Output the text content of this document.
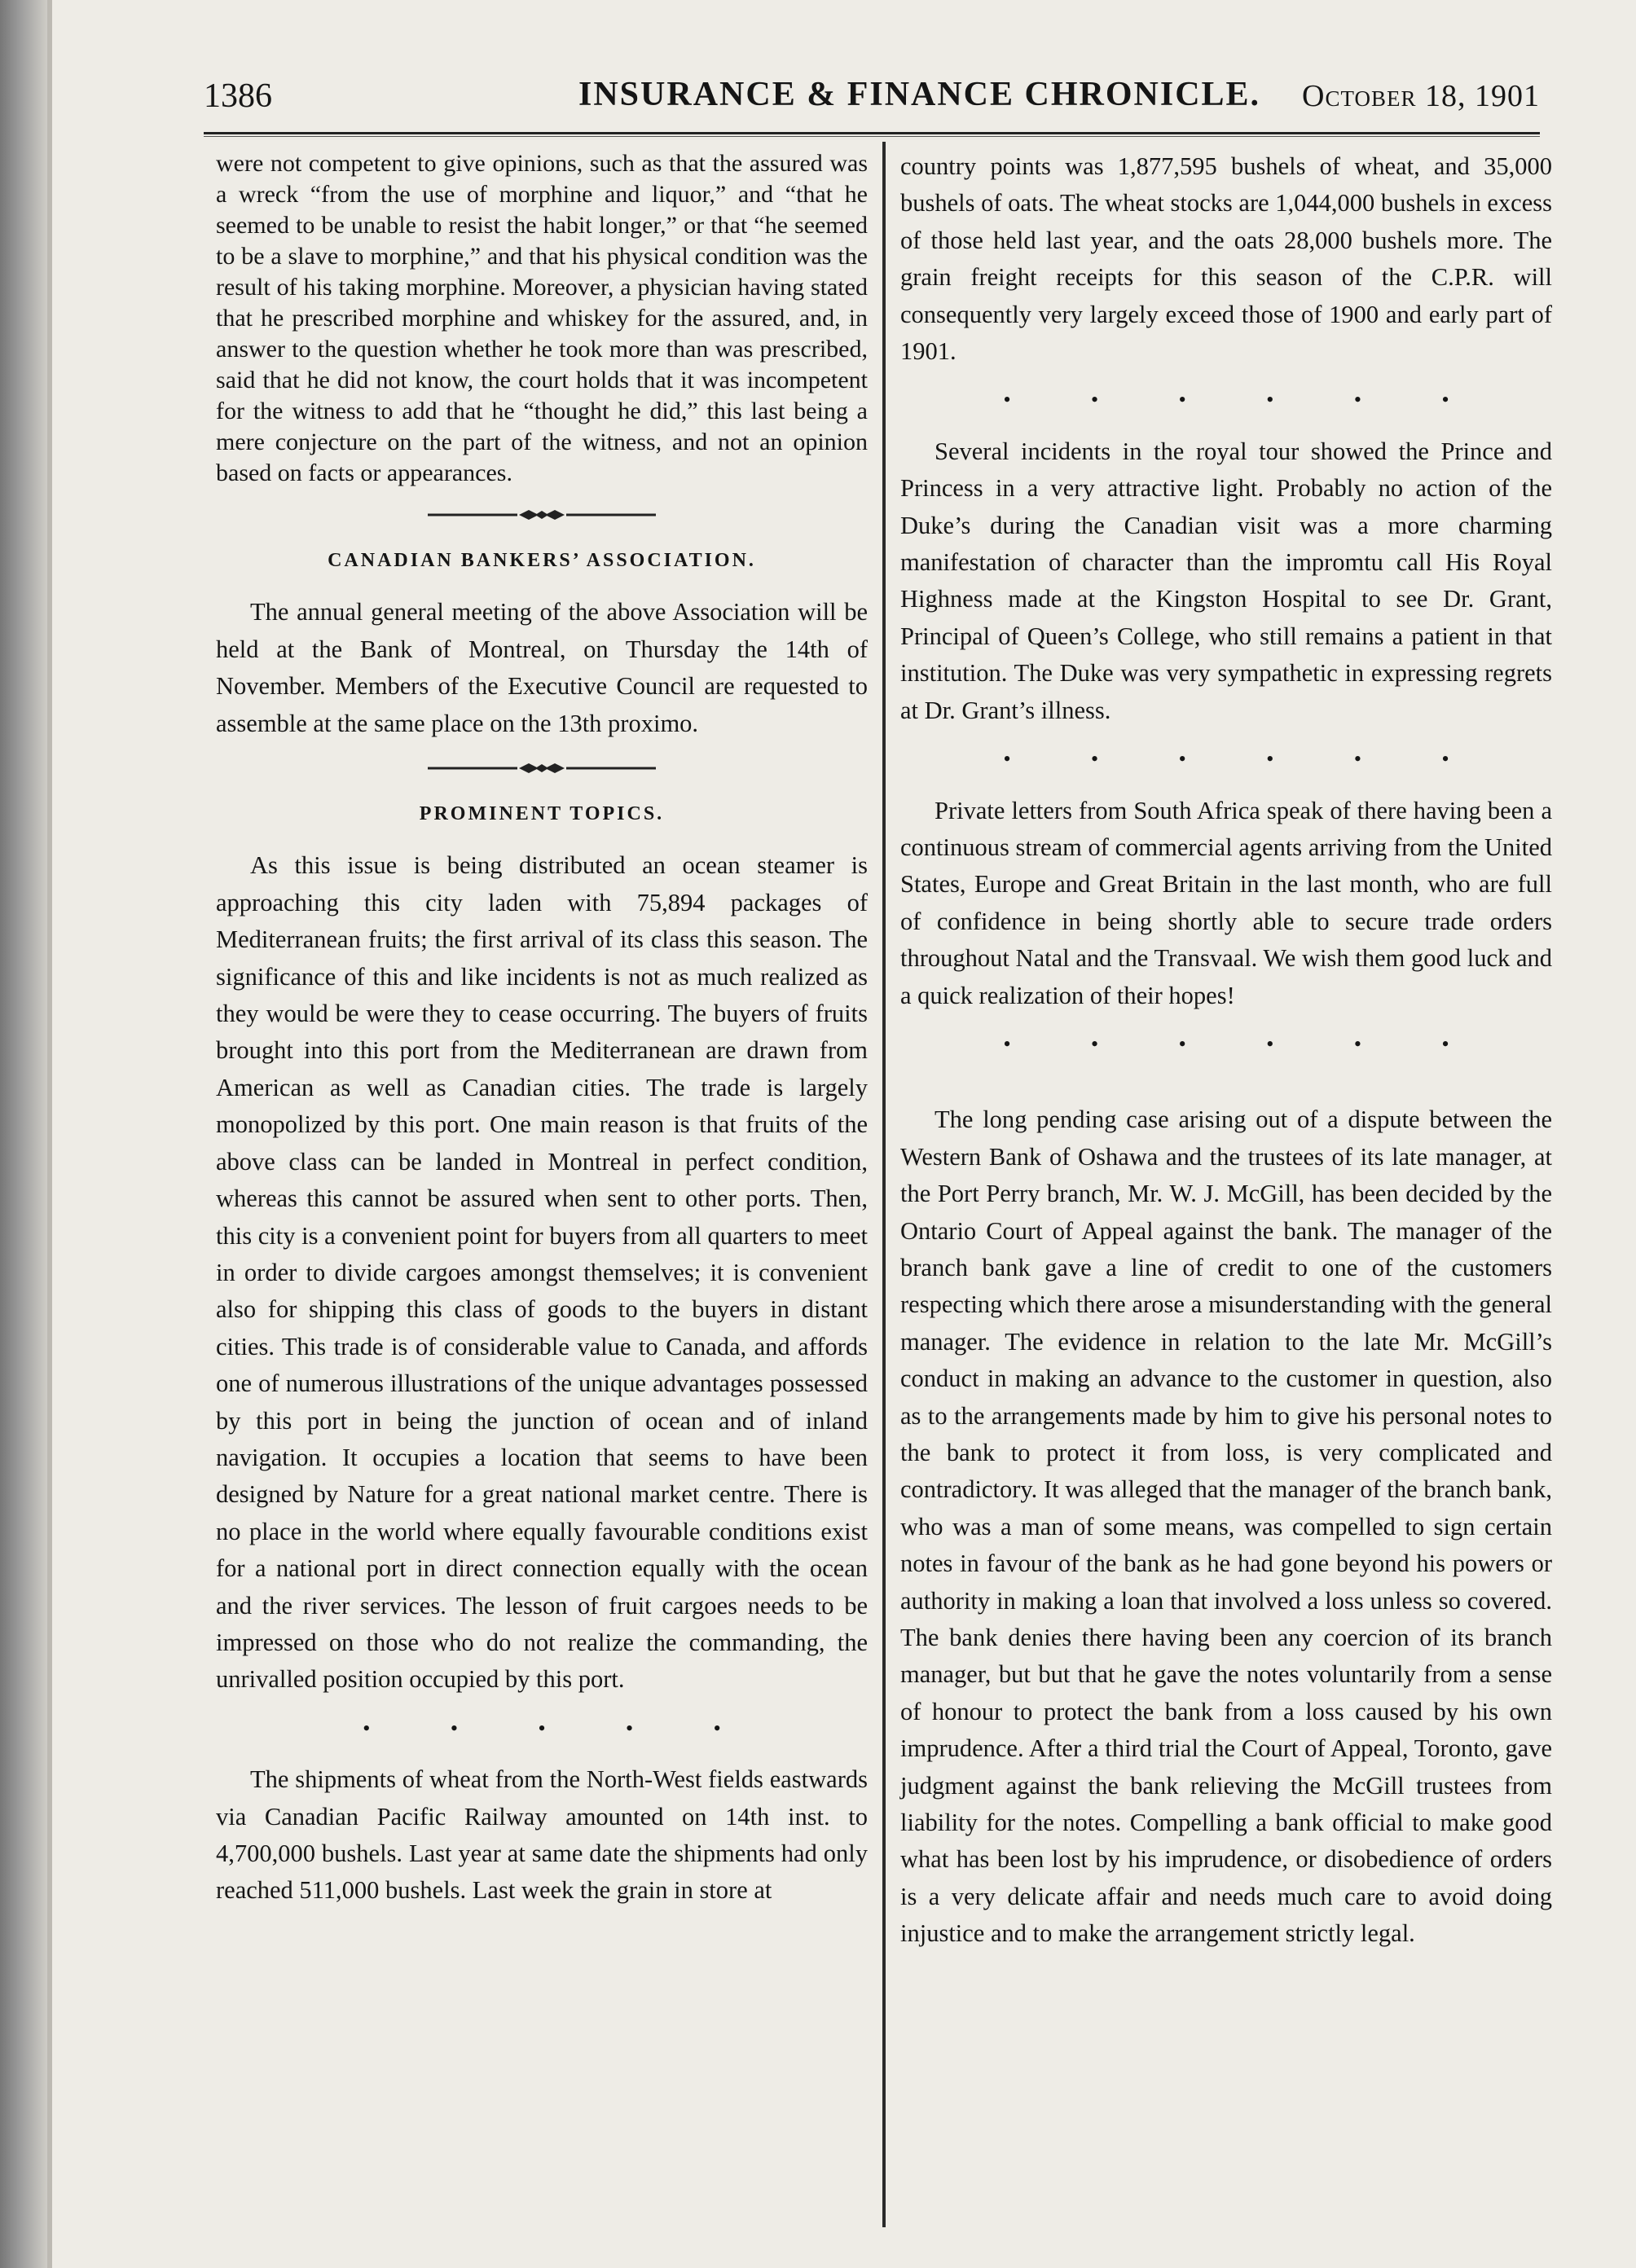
1386	INSURANCE & FINANCE CHRONICLE. October 18, 1901

were not competent to give opinions, such as that the assured was a wreck “from the use of morphine and liquor,” and “that he seemed to be unable to resist the habit longer,” or that “he seemed to be a slave to morphine,” and that his physical condition was the result of his taking morphine. Moreover, a physician having stated that he prescribed morphine and whiskey for the assured, and, in answer to the question whether he took more than was prescribed, said that he did not know, the court holds that it was incompetent for the witness to add that he “thought he did,” this last being a mere conjecture on the part of the witness, and not an opinion based on facts or appearances.

CANADIAN BANKERS’ ASSOCIATION.

The annual general meeting of the above Association will be held at the Bank of Montreal, on Thursday the 14th of November. Members of the Executive Council are requested to assemble at the same place on the 13th proximo.

PROMINENT TOPICS.

As this issue is being distributed an ocean steamer is approaching this city laden with 75,894 packages of Mediterranean fruits; the first arrival of its class this season. The significance of this and like incidents is not as much realized as they would be were they to cease occurring. The buyers of fruits brought into this port from the Mediterranean are drawn from American as well as Canadian cities. The trade is largely monopolized by this port. One main reason is that fruits of the above class can be landed in Montreal in perfect condition, whereas this cannot be assured when sent to other ports. Then, this city is a convenient point for buyers from all quarters to meet in order to divide cargoes amongst themselves; it is convenient also for shipping this class of goods to the buyers in distant cities. This trade is of considerable value to Canada, and affords one of numerous illustrations of the unique advantages possessed by this port in being the junction of ocean and of inland navigation. It occupies a location that seems to have been designed by Nature for a great national market centre. There is no place in the world where equally favourable conditions exist for a national port in direct connection equally with the ocean and the river services. The lesson of fruit cargoes needs to be impressed on those who do not realize the commanding, the unrivalled position occupied by this port.

• • • • •

The shipments of wheat from the North-West fields eastwards via Canadian Pacific Railway amounted on 14th inst. to 4,700,000 bushels. Last year at same date the shipments had only reached 511,000 bushels. Last week the grain in store at

country points was 1,877,595 bushels of wheat, and 35,000 bushels of oats. The wheat stocks are 1,044,000 bushels in excess of those held last year, and the oats 28,000 bushels more. The grain freight receipts for this season of the C.P.R. will consequently very largely exceed those of 1900 and early part of 1901.

• • • • • •

Several incidents in the royal tour showed the Prince and Princess in a very attractive light. Probably no action of the Duke’s during the Canadian visit was a more charming manifestation of character than the impromtu call His Royal Highness made at the Kingston Hospital to see Dr. Grant, Principal of Queen’s College, who still remains a patient in that institution. The Duke was very sympathetic in expressing regrets at Dr. Grant’s illness.

• • • • • •

Private letters from South Africa speak of there having been a continuous stream of commercial agents arriving from the United States, Europe and Great Britain in the last month, who are full of confidence in being shortly able to secure trade orders throughout Natal and the Transvaal. We wish them good luck and a quick realization of their hopes!

• • • • • •

The long pending case arising out of a dispute between the Western Bank of Oshawa and the trustees of its late manager, at the Port Perry branch, Mr. W. J. McGill, has been decided by the Ontario Court of Appeal against the bank. The manager of the branch bank gave a line of credit to one of the customers respecting which there arose a misunderstanding with the general manager. The evidence in relation to the late Mr. McGill’s conduct in making an advance to the customer in question, also as to the arrangements made by him to give his personal notes to the bank to protect it from loss, is very complicated and contradictory. It was alleged that the manager of the branch bank, who was a man of some means, was compelled to sign certain notes in favour of the bank as he had gone beyond his powers or authority in making a loan that involved a loss unless so covered. The bank denies there having been any coercion of its branch manager, but but that he gave the notes voluntarily from a sense of honour to protect the bank from a loss caused by his own imprudence. After a third trial the Court of Appeal, Toronto, gave judgment against the bank relieving the McGill trustees from liability for the notes. Compelling a bank official to make good what has been lost by his imprudence, or disobedience of orders is a very delicate affair and needs much care to avoid doing injustice and to make the arrangement strictly legal.
